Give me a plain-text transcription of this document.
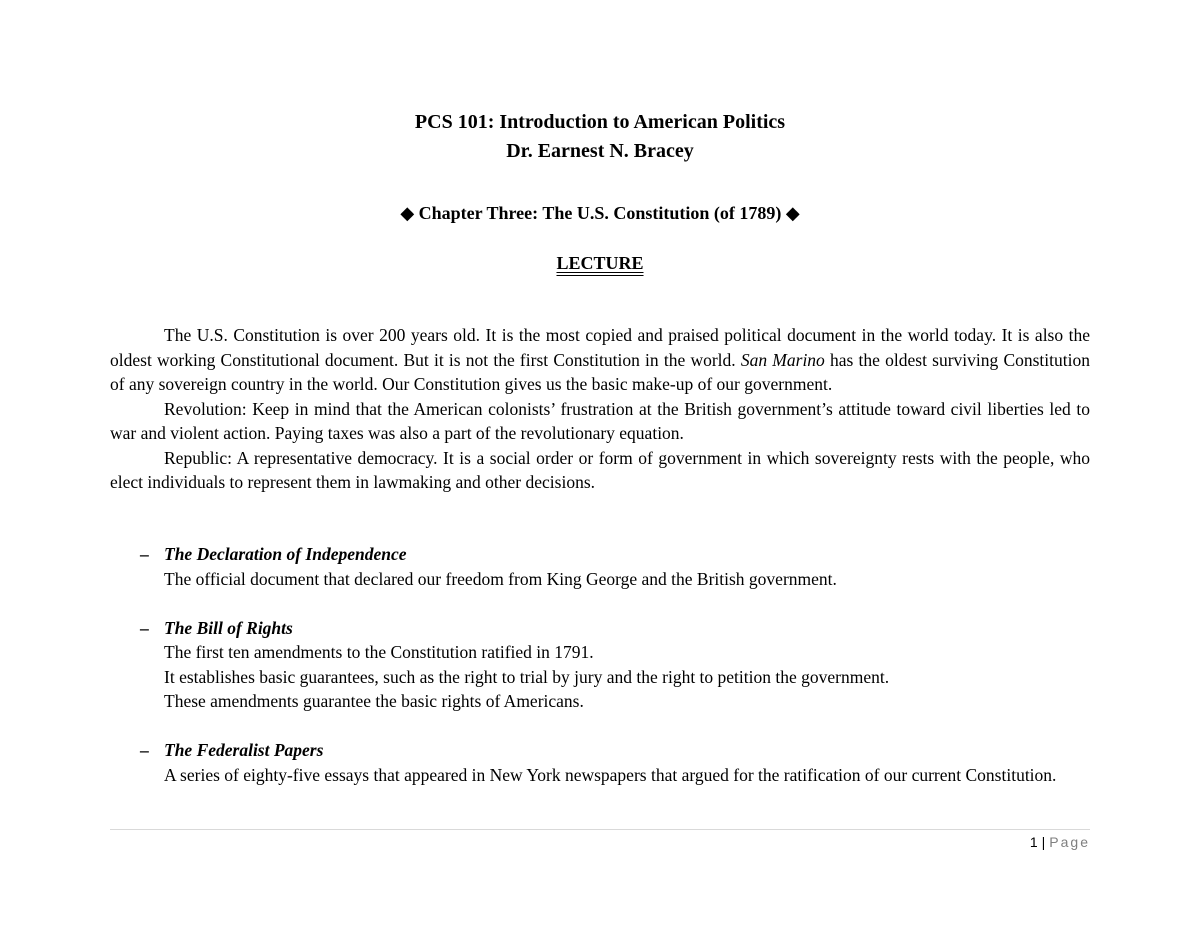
PCS 101: Introduction to American Politics
Dr. Earnest N. Bracey
◆ Chapter Three: The U.S. Constitution (of 1789) ◆
LECTURE

The U.S. Constitution is over 200 years old. It is the most copied and praised political document in the world today. It is also the oldest working Constitutional document. But it is not the first Constitution in the world. San Marino has the oldest surviving Constitution of any sovereign country in the world. Our Constitution gives us the basic make-up of our government.

Revolution: Keep in mind that the American colonists’ frustration at the British government’s attitude toward civil liberties led to war and violent action. Paying taxes was also a part of the revolutionary equation.

Republic: A representative democracy. It is a social order or form of government in which sovereignty rests with the people, who elect individuals to represent them in lawmaking and other decisions.

– The Declaration of Independence
The official document that declared our freedom from King George and the British government.
– The Bill of Rights
The first ten amendments to the Constitution ratified in 1791.
It establishes basic guarantees, such as the right to trial by jury and the right to petition the government.
These amendments guarantee the basic rights of Americans.
– The Federalist Papers
A series of eighty-five essays that appeared in New York newspapers that argued for the ratification of our current Constitution.
1 | Page
